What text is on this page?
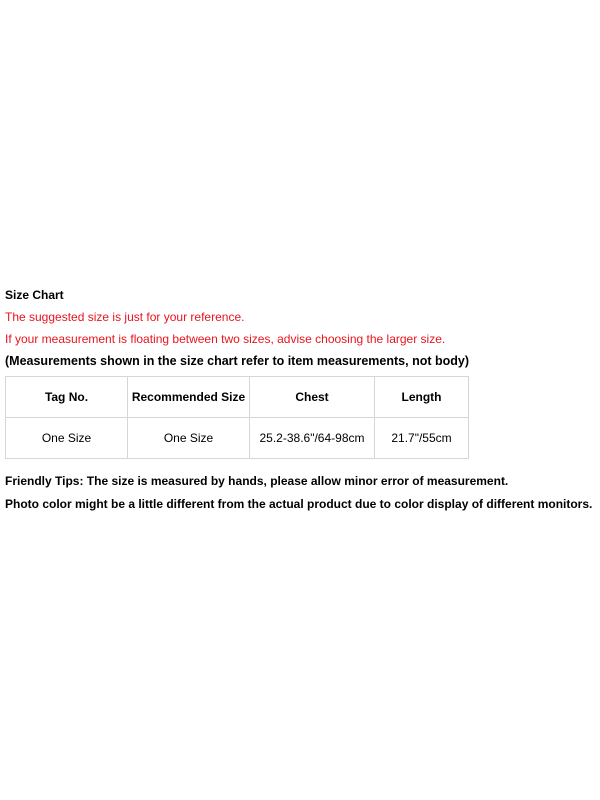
Size Chart
The suggested size is just for your reference.
If your measurement is floating between two sizes, advise choosing the larger size.
(Measurements shown in the size chart refer to item measurements, not body)
Tag No.	Recommended Size	Chest	Length
One Size	One Size	25.2-38.6"/64-98cm	21.7"/55cm
Friendly Tips: The size is measured by hands, please allow minor error of measurement.
Photo color might be a little different from the actual product due to color display of different monitors.
